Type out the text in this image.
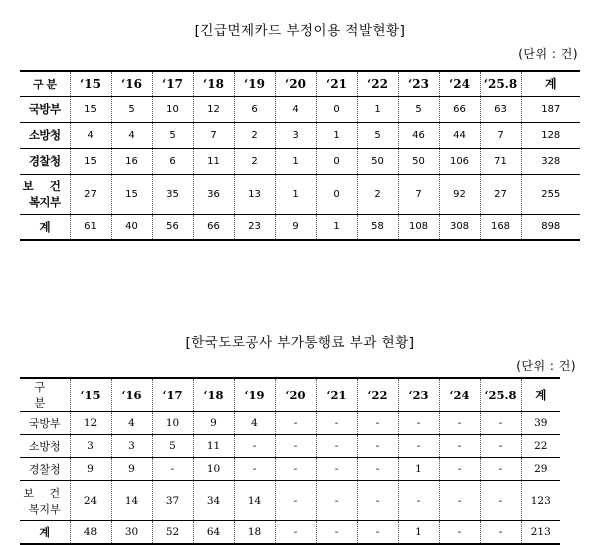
[긴급면제카드 부정이용 적발현황]
(단위 : 건)
구 분	‘15	‘16	‘17	‘18	‘19	‘20	‘21	‘22	‘23	‘24	‘25.8	계
국방부	15	5	10	12	6	4	0	1	5	66	63	187
소방청	4	4	5	7	2	3	1	5	46	44	7	128
경찰청	15	16	6	11	2	1	0	50	50	106	71	328

보 건
복지부	27	15	35	36	13	1	0	2	7	92	27	255
계	61	40	56	66	23	9	1	58	108	308	168	898
[한국도로공사 부가통행료 부과 현황]
(단위 : 건)
구 분	‘15	‘16	‘17	‘18	‘19	‘20	‘21	‘22	‘23	‘24	‘25.8	계
국방부	12	4	10	9	4	-	-	-	-	-	-	39
소방청	3	3	5	11	-	-	-	-	-	-	-	22
경찰청	9	9	-	10	-	-	-	-	1	-	-	29

보 건
복지부	24	14	37	34	14	-	-	-	-	-	-	123
계	48	30	52	64	18	-	-	-	1	-	-	213
